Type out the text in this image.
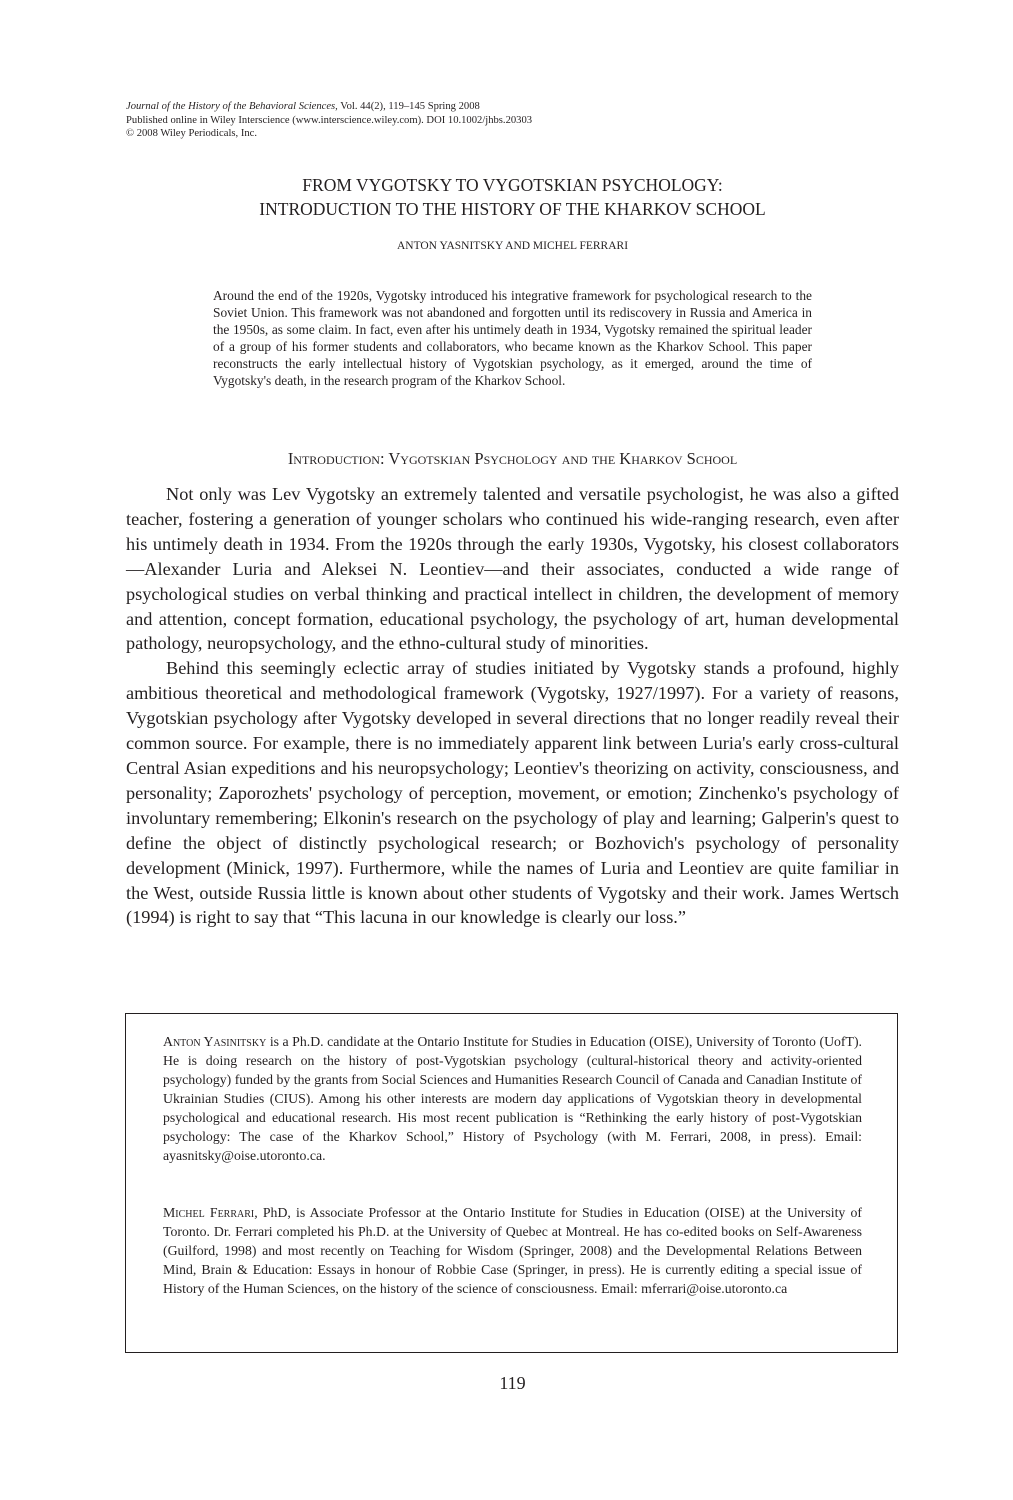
Journal of the History of the Behavioral Sciences, Vol. 44(2), 119–145 Spring 2008
Published online in Wiley Interscience (www.interscience.wiley.com). DOI 10.1002/jhbs.20303
© 2008 Wiley Periodicals, Inc.
FROM VYGOTSKY TO VYGOTSKIAN PSYCHOLOGY:
INTRODUCTION TO THE HISTORY OF THE KHARKOV SCHOOL
ANTON YASNITSKY AND MICHEL FERRARI
Around the end of the 1920s, Vygotsky introduced his integrative framework for psychological research to the Soviet Union. This framework was not abandoned and forgotten until its rediscovery in Russia and America in the 1950s, as some claim. In fact, even after his untimely death in 1934, Vygotsky remained the spiritual leader of a group of his former students and collaborators, who became known as the Kharkov School. This paper reconstructs the early intellectual history of Vygotskian psychology, as it emerged, around the time of Vygotsky's death, in the research program of the Kharkov School.
Introduction: Vygotskian Psychology and the Kharkov School

Not only was Lev Vygotsky an extremely talented and versatile psychologist, he was also a gifted teacher, fostering a generation of younger scholars who continued his wide-ranging research, even after his untimely death in 1934. From the 1920s through the early 1930s, Vygotsky, his closest collaborators—Alexander Luria and Aleksei N. Leontiev—and their associates, conducted a wide range of psychological studies on verbal thinking and practical intellect in children, the development of memory and attention, concept formation, educational psychology, the psychology of art, human developmental pathology, neuropsychology, and the ethno-cultural study of minorities.

Behind this seemingly eclectic array of studies initiated by Vygotsky stands a profound, highly ambitious theoretical and methodological framework (Vygotsky, 1927/1997). For a variety of reasons, Vygotskian psychology after Vygotsky developed in several directions that no longer readily reveal their common source. For example, there is no immediately apparent link between Luria's early cross-cultural Central Asian expeditions and his neuropsychology; Leontiev's theorizing on activity, consciousness, and personality; Zaporozhets' psychology of perception, movement, or emotion; Zinchenko's psychology of involuntary remembering; Elkonin's research on the psychology of play and learning; Galperin's quest to define the object of distinctly psychological research; or Bozhovich's psychology of personality development (Minick, 1997). Furthermore, while the names of Luria and Leontiev are quite familiar in the West, outside Russia little is known about other students of Vygotsky and their work. James Wertsch (1994) is right to say that “This lacuna in our knowledge is clearly our loss.”

Anton Yasinitsky is a Ph.D. candidate at the Ontario Institute for Studies in Education (OISE), University of Toronto (UofT). He is doing research on the history of post-Vygotskian psychology (cultural-historical theory and activity-oriented psychology) funded by the grants from Social Sciences and Humanities Research Council of Canada and Canadian Institute of Ukrainian Studies (CIUS). Among his other interests are modern day applications of Vygotskian theory in developmental psychological and educational research. His most recent publication is “Rethinking the early history of post-Vygotskian psychology: The case of the Kharkov School,” History of Psychology (with M. Ferrari, 2008, in press). Email: ayasnitsky@oise.utoronto.ca.
Michel Ferrari, PhD, is Associate Professor at the Ontario Institute for Studies in Education (OISE) at the University of Toronto. Dr. Ferrari completed his Ph.D. at the University of Quebec at Montreal. He has co-edited books on Self-Awareness (Guilford, 1998) and most recently on Teaching for Wisdom (Springer, 2008) and the Developmental Relations Between Mind, Brain & Education: Essays in honour of Robbie Case (Springer, in press). He is currently editing a special issue of History of the Human Sciences, on the history of the science of consciousness. Email: mferrari@oise.utoronto.ca
119
